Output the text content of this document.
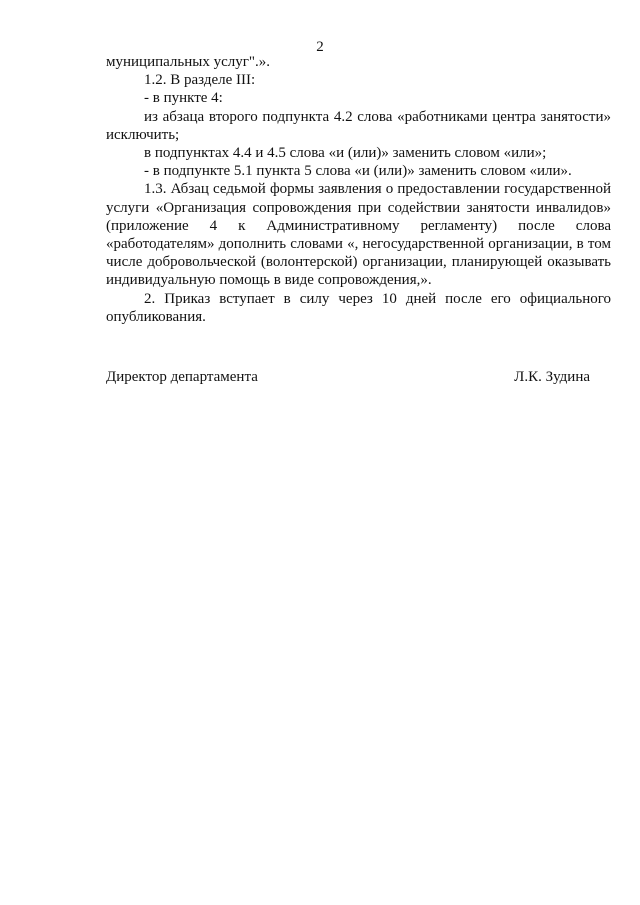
2

муниципальных услуг".».

1.2. В разделе III:

- в пункте 4:

из абзаца второго подпункта 4.2 слова «работниками центра занятости» исключить;

в подпунктах 4.4 и 4.5 слова «и (или)» заменить словом «или»;

- в подпункте 5.1 пункта 5 слова «и (или)» заменить словом «или».

1.3. Абзац седьмой формы заявления о предоставлении государственной услуги «Организация сопровождения при содействии занятости инвалидов» (приложение 4 к Административному регламенту) после слова «работодателям» дополнить словами «, негосударственной организации, в том числе добровольческой (волонтерской) организации, планирующей оказывать индивидуальную помощь в виде сопровождения,».

2. Приказ вступает в силу через 10 дней после его официального опубликования.

Директор департамента	Л.К. Зудина
